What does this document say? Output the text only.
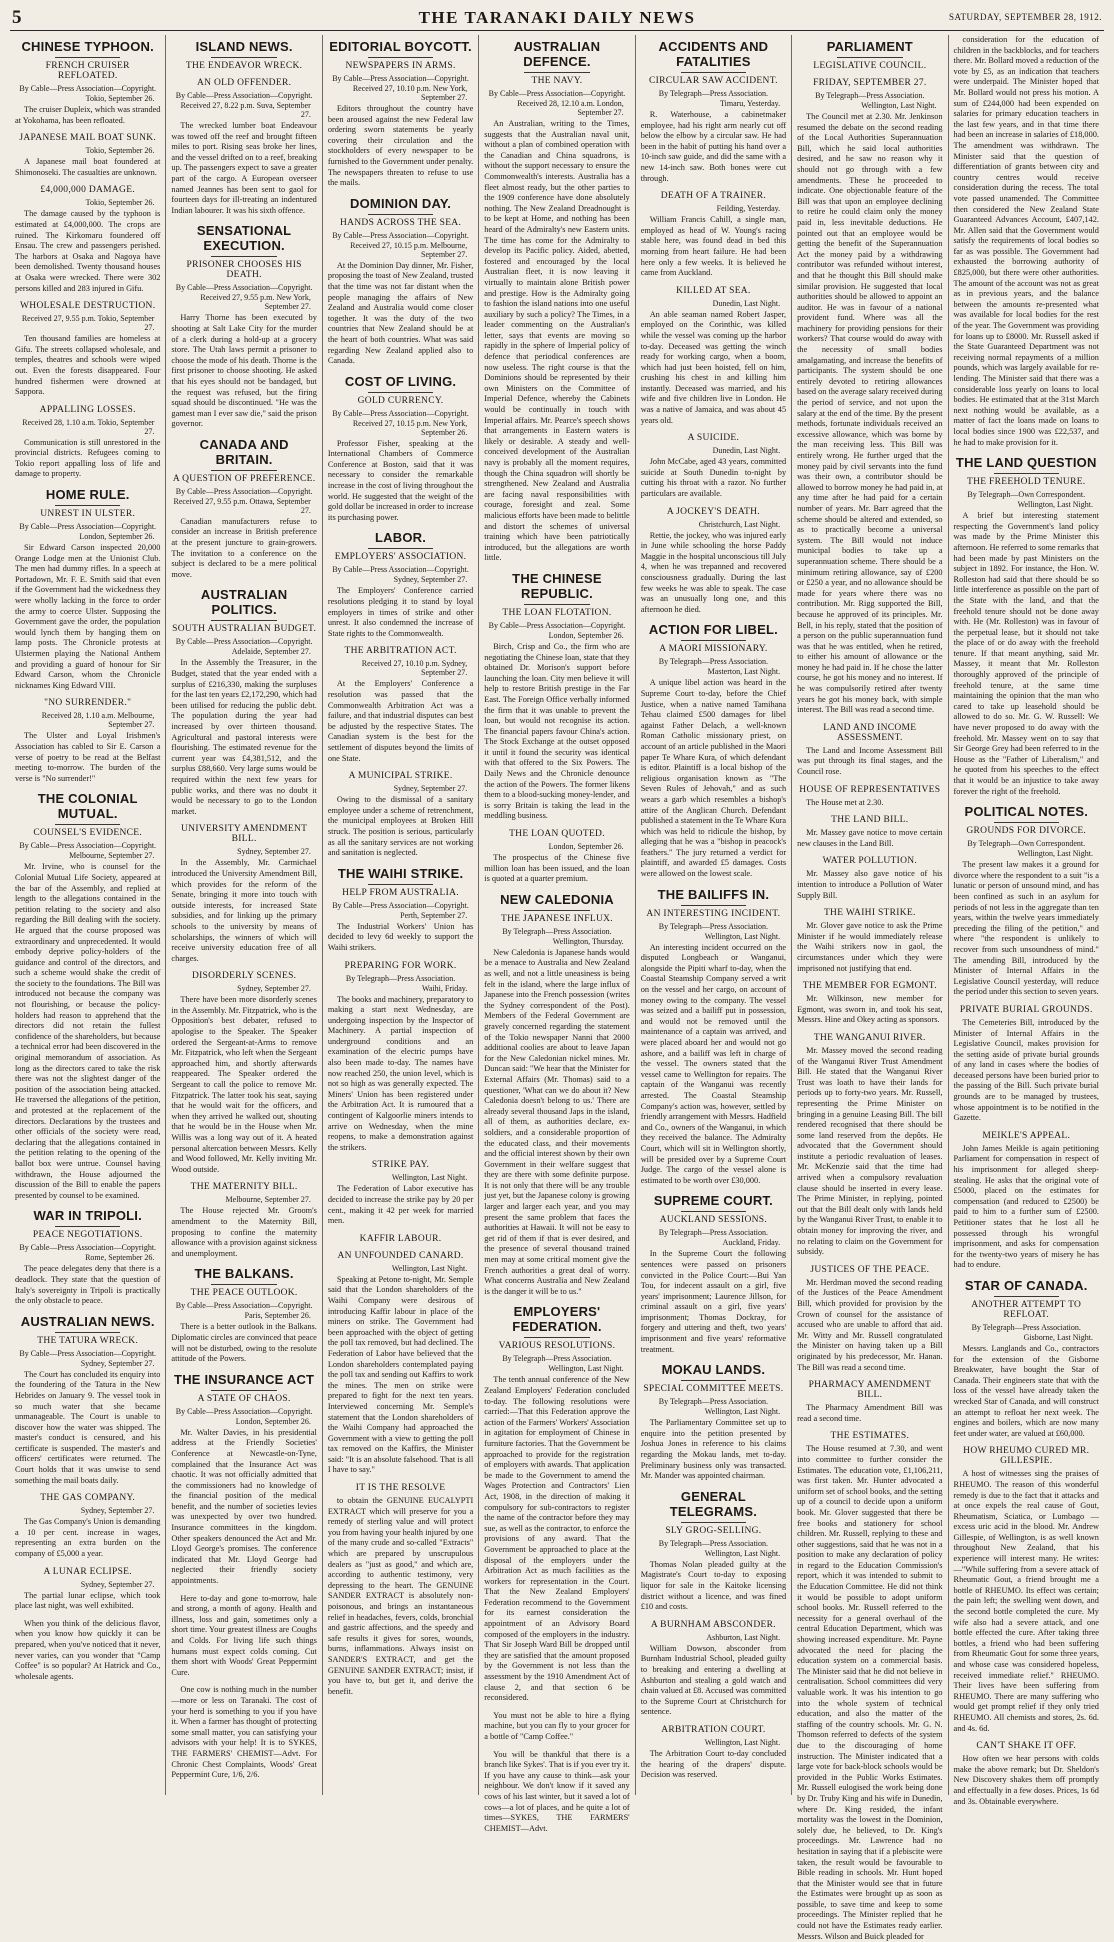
5	THE TARANAKI DAILY NEWS	SATURDAY, SEPTEMBER 28, 1912.
CHINESE TYPHOON.
FRENCH CRUISER REFLOATED.
By Cable—Press Association—Copyright.
Tokio, September 26.

The cruiser Dupleix, which was stranded at Yokohama, has been refloated.

JAPANESE MAIL BOAT SUNK.
Tokio, September 26.

A Japanese mail boat foundered at Shimonoseki. The casualties are unknown.

£4,000,000 DAMAGE.
Tokio, September 26.

The damage caused by the typhoon is estimated at £4,000,000. The crops are ruined. The Kirkomaru foundered off Ensau. The crew and passengers perished. The harbors at Osaka and Nagoya have been demolished. Twenty thousand houses at Osaka were wrecked. There were 302 persons killed and 283 injured in Gifu.

WHOLESALE DESTRUCTION.
Received 27, 9.55 p.m. Tokio, September 27.

Ten thousand families are homeless at Gifu. The streets collapsed wholesale, and temples, theatres and schools were wiped out. Even the forests disappeared. Four hundred fishermen were drowned at Sappora.

APPALLING LOSSES.
Received 28, 1.10 a.m. Tokio, September 27.

Communication is still unrestored in the provincial districts. Refugees coming to Tokio report appalling loss of life and damage to property.

HOME RULE.
UNREST IN ULSTER.
By Cable—Press Association—Copyright.
London, September 26.

Sir Edward Carson inspected 20,000 Orange Lodge men at the Unionist Club. The men had dummy rifles. In a speech at Portadown, Mr. F. E. Smith said that even if the Government had the wickedness they were wholly lacking in the force to order the army to coerce Ulster. Supposing the Government gave the order, the population would lynch them by hanging them on lamp posts. The Chronicle protests at Ulstermen playing the National Anthem and providing a guard of honour for Sir Edward Carson, whom the Chronicle nicknames King Edward VIII.

"NO SURRENDER."
Received 28, 1.10 a.m. Melbourne, September 27.

The Ulster and Loyal Irishmen's Association has cabled to Sir E. Carson a verse of poetry to be read at the Belfast meeting to-morrow. The burden of the verse is "No surrender!"

THE COLONIAL MUTUAL.
COUNSEL'S EVIDENCE.
By Cable—Press Association—Copyright.
Melbourne, September 27.

Mr. Irvine, who is counsel for the Colonial Mutual Life Society, appeared at the bar of the Assembly, and replied at length to the allegations contained in the petition relating to the society and also regarding the Bill dealing with the society. He argued that the course proposed was extraordinary and unprecedented. It would embody deprive policy-holders of the guidance and control of the directors, and such a scheme would shake the credit of the society to the foundations. The Bill was introduced not because the company was not flourishing, or because the policy-holders had reason to apprehend that the directors did not retain the fullest confidence of the shareholders, but because a technical error had been discovered in the original memorandum of association. As long as the directors cared to take the risk there was not the slightest danger of the position of the association being attacked. He traversed the allegations of the petition, and protested at the replacement of the directors. Declarations by the trustees and other officials of the society were read, declaring that the allegations contained in the petition relating to the opening of the ballot box were untrue. Counsel having withdrawn, the House adjourned the discussion of the Bill to enable the papers presented by counsel to be examined.

WAR IN TRIPOLI.
PEACE NEGOTIATIONS.
By Cable—Press Association—Copyright.
Rome, September 26.

The peace delegates deny that there is a deadlock. They state that the question of Italy's sovereignty in Tripoli is practically the only obstacle to peace.

AUSTRALIAN NEWS.
THE TATURA WRECK.
By Cable—Press Association—Copyright.
Sydney, September 27.

The Court has concluded its enquiry into the foundering of the Tatura in the New Hebrides on January 9. The vessel took in so much water that she became unmanageable. The Court is unable to discover how the water was shipped. The master's conduct is censured, and his certificate is suspended. The master's and officers' certificates were returned. The Court holds that it was unwise to send something the mail boats daily.

THE GAS COMPANY.
Sydney, September 27.

The Gas Company's Union is demanding a 10 per cent. increase in wages, representing an extra burden on the company of £5,000 a year.

A LUNAR ECLIPSE.
Sydney, September 27.

The partial lunar eclipse, which took place last night, was well exhibited.

When you think of the delicious flavor, when you know how quickly it can be prepared, when you've noticed that it never, never varies, can you wonder that "Camp Coffee" is so popular? At Hatrick and Co., wholesale agents.

ISLAND NEWS.
THE ENDEAVOR WRECK.
AN OLD OFFENDER.
By Cable—Press Association—Copyright.
Received 27, 8.22 p.m. Suva, September 27.

The wrecked lumber boat Endeavour was towed off the reef and brought fifteen miles to port. Rising seas broke her lines, and the vessel drifted on to a reef, breaking up. The passengers expect to save a greater part of the cargo. A European overseer named Jeannes has been sent to gaol for fourteen days for ill-treating an indentured Indian labourer. It was his sixth offence.

SENSATIONAL EXECUTION.
PRISONER CHOOSES HIS DEATH.
By Cable—Press Association—Copyright.
Received 27, 9.55 p.m. New York, September 27.

Harry Thorne has been executed by shooting at Salt Lake City for the murder of a clerk during a hold-up at a grocery store. The Utah laws permit a prisoner to choose the mode of his death. Thorne is the first prisoner to choose shooting. He asked that his eyes should not be bandaged, but the request was refused, but the firing squad should be discontinued. "He was the gamest man I ever saw die," said the prison governor.

CANADA AND BRITAIN.
A QUESTION OF PREFERENCE.
By Cable—Press Association—Copyright.
Received 27, 9.55 p.m. Ottawa, September 27.

Canadian manufacturers refuse to consider an increase in British preference at the present juncture to grain-growers. The invitation to a conference on the subject is declared to be a mere political move.

AUSTRALIAN POLITICS.
SOUTH AUSTRALIAN BUDGET.
By Cable—Press Association—Copyright.
Adelaide, September 27.

In the Assembly the Treasurer, in the Budget, stated that the year ended with a surplus of £216,330, making the surpluses for the last ten years £2,172,290, which had been utilised for reducing the public debt. The population during the year had increased by over thirteen thousand. Agricultural and pastoral interests were flourishing. The estimated revenue for the current year was £4,381,512, and the surplus £88,660. Very large sums would be required within the next few years for public works, and there was no doubt it would be necessary to go to the London market.

UNIVERSITY AMENDMENT BILL.
Sydney, September 27.

In the Assembly, Mr. Carmichael introduced the University Amendment Bill, which provides for the reform of the Senate, bringing it more into touch with outside interests, for increased State subsidies, and for linking up the primary schools to the university by means of scholarships, the winners of which will receive university education free of all charges.

DISORDERLY SCENES.
Sydney, September 27.

There have been more disorderly scenes in the Assembly. Mr. Fitzpatrick, who is the Opposition's best debater, refused to apologise to the Speaker. The Speaker ordered the Sergeant-at-Arms to remove Mr. Fitzpatrick, who left when the Sergeant approached him, and shortly afterwards reappeared. The Speaker ordered the Sergeant to call the police to remove Mr. Fitzpatrick. The latter took his seat, saying that he would wait for the officers, and when they arrived he walked out, shouting that he would be in the House when Mr. Willis was a long way out of it. A heated personal altercation between Messrs. Kelly and Wood followed, Mr. Kelly inviting Mr. Wood outside.

THE MATERNITY BILL.
Melbourne, September 27.

The House rejected Mr. Groom's amendment to the Maternity Bill, proposing to confine the maternity allowance with a provision against sickness and unemployment.

THE BALKANS.
THE PEACE OUTLOOK.
By Cable—Press Association—Copyright.
Paris, September 26.

There is a better outlook in the Balkans. Diplomatic circles are convinced that peace will not be disturbed, owing to the resolute attitude of the Powers.

THE INSURANCE ACT
A STATE OF CHAOS.
By Cable—Press Association—Copyright.
London, September 26.

Mr. Walter Davies, in his presidential address at the Friendly Societies' Conference at Newcastle-on-Tyne, complained that the Insurance Act was chaotic. It was not officially admitted that the commissioners had no knowledge of the financial position of the medical benefit, and the number of societies levies was unexpected by over two hundred. Insurance committees in the kingdom. Other speakers denounced the Act and Mr. Lloyd George's promises. The conference indicated that Mr. Lloyd George had neglected their friendly society appointments.

Here to-day and gone to-morrow, hale and strong, a month of agony. Health and illness, loss and gain, sometimes only a short time. Your greatest illness are Coughs and Colds. For living life such things humans must expect colds coming. Cut them short with Woods' Great Peppermint Cure.

One cow is nothing much in the number—more or less on Taranaki. The cost of your herd is something to you if you have it. When a farmer has thought of protecting some small matter, you can satisfying your advisors with your help! It is to SYKES, THE FARMERS' CHEMIST—Advt. For Chronic Chest Complaints, Woods' Great Peppermint Cure, 1/6, 2/6.

EDITORIAL BOYCOTT.
NEWSPAPERS IN ARMS.
By Cable—Press Association—Copyright.
Received 27, 10.10 p.m. New York, September 27.

Editors throughout the country have been aroused against the new Federal law ordering sworn statements be yearly covering their circulation and the stockholders of every newspaper to be furnished to the Government under penalty. The newspapers threaten to refuse to use the mails.

DOMINION DAY.
HANDS ACROSS THE SEA.
By Cable—Press Association—Copyright.
Received 27, 10.15 p.m. Melbourne, September 27.

At the Dominion Day dinner, Mr. Fisher, proposing the toast of New Zealand, trusted that the time was not far distant when the people managing the affairs of New Zealand and Australia would come closer together. It was the duty of the two countries that New Zealand should be at the heart of both countries. What was said regarding New Zealand applied also to Canada.

COST OF LIVING.
GOLD CURRENCY.
By Cable—Press Association—Copyright.
Received 27, 10.15 p.m. New York, September 26.

Professor Fisher, speaking at the International Chambers of Commerce Conference at Boston, said that it was necessary to consider the remarkable increase in the cost of living throughout the world. He suggested that the weight of the gold dollar be increased in order to increase its purchasing power.

LABOR.
EMPLOYERS' ASSOCIATION.
By Cable—Press Association—Copyright.
Sydney, September 27.

The Employers' Conference carried resolutions pledging it to stand by loyal employers in times of strike and other unrest. It also condemned the increase of State rights to the Commonwealth.

THE ARBITRATION ACT.
Received 27, 10.10 p.m. Sydney, September 27.

At the Employers' Conference a resolution was passed that the Commonwealth Arbitration Act was a failure, and that industrial disputes can best be adjusted by the respective States. The Canadian system is the best for the settlement of disputes beyond the limits of one State.

A MUNICIPAL STRIKE.
Sydney, September 27.

Owing to the dismissal of a sanitary employee under a scheme of retrenchment, the municipal employees at Broken Hill struck. The position is serious, particularly as all the sanitary services are not working and sanitation is neglected.

THE WAIHI STRIKE.
HELP FROM AUSTRALIA.
By Cable—Press Association—Copyright.
Perth, September 27.

The Industrial Workers' Union has decided to levy 6d weekly to support the Waihi strikers.

PREPARING FOR WORK.
By Telegraph—Press Association.
Waihi, Friday.

The books and machinery, preparatory to making a start next Wednesday, are undergoing inspection by the Inspector of Machinery. A partial inspection of underground conditions and an examination of the electric pumps have also been made to-day. The names have now reached 250, the union level, which is not so high as was generally expected. The Miners' Union has been registered under the Arbitration Act. It is rumoured that a contingent of Kalgoorlie miners intends to arrive on Wednesday, when the mine reopens, to make a demonstration against the strikers.

STRIKE PAY.
Wellington, Last Night.

The Federation of Labor executive has decided to increase the strike pay by 20 per cent., making it 42 per week for married men.

KAFFIR LABOUR.
AN UNFOUNDED CANARD.
Wellington, Last Night.

Speaking at Petone to-night, Mr. Semple said that the London shareholders of the Waihi Company were desirous of introducing Kaffir labour in place of the miners on strike. The Government had been approached with the object of getting the poll tax removed, but had declined. The Federation of Labor have believed that the London shareholders contemplated paying the poll tax and sending out Kaffirs to work the mines. The men on strike were prepared to fight for the next ten years. Interviewed concerning Mr. Semple's statement that the London shareholders of the Waihi Company had approached the Government with a view to getting the poll tax removed on the Kaffirs, the Minister said: "It is an absolute falsehood. That is all I have to say."

IT IS THE RESOLVE

to obtain the GENUINE EUCALYPTI EXTRACT which will preserve for you a remedy of sterling value and will protect you from having your health injured by one of the many crude and so-called "Extracts" which are prepared by unscrupulous dealers as "just as good," and which are, according to authentic testimony, very depressing to the heart. The GENUINE SANDER EXTRACT is absolutely non-poisonous, and brings an instantaneous relief in headaches, fevers, colds, bronchial and gastric affections, and the speedy and safe results it gives for sores, wounds, burns, inflammations. Always insist on SANDER'S EXTRACT, and get the GENUINE SANDER EXTRACT; insist, if you have to, but get it, and derive the benefit.

AUSTRALIAN DEFENCE.
THE NAVY.
By Cable—Press Association—Copyright.
Received 28, 12.10 a.m. London, September 27.

An Australian, writing to the Times, suggests that the Australian naval unit, without a plan of combined operation with the Canadian and China squadrons, is without the support necessary to ensure the Commonwealth's interests. Australia has a fleet almost ready, but the other parties to the 1909 conference have done absolutely nothing. The New Zealand Dreadnought is to be kept at Home, and nothing has been heard of the Admiralty's new Eastern units. The time has come for the Admiralty to develop its Pacific policy. Aided, abetted, fostered and encouraged by the local Australian fleet, it is now leaving it virtually to maintain alone British power and prestige. How is the Admiralty going to fashion the island nations into one useful auxiliary by such a policy? The Times, in a leader commenting on the Australian's letter, says that events are moving so rapidly in the sphere of Imperial policy of defence that periodical conferences are now useless. The right course is that the Dominions should be represented by their own Ministers on the Committee of Imperial Defence, whereby the Cabinets would be continually in touch with Imperial affairs. Mr. Pearce's speech shows that arrangements in Eastern waters is likely or desirable. A steady and well-conceived development of the Australian navy is probably all the moment requires, though the China squadron will shortly be strengthened. New Zealand and Australia are facing naval responsibilities with courage, foresight and zeal. Some malicious efforts have been made to belittle and distort the schemes of universal training which have been patriotically introduced, but the allegations are worth little.

THE CHINESE REPUBLIC.
THE LOAN FLOTATION.
By Cable—Press Association—Copyright.
London, September 26.

Birch, Crisp and Co., the firm who are negotiating the Chinese loan, state that they obtained Dr. Morison's support before launching the loan. City men believe it will help to restore British prestige in the Far East. The Foreign Office verbally informed the firm that it was unable to prevent the loan, but would not recognise its action. The financial papers favour China's action. The Stock Exchange at the outset opposed it until it found the security was identical with that offered to the Six Powers. The Daily News and the Chronicle denounce the action of the Powers. The former likens them to a blood-sucking money-lender, and is sorry Britain is taking the lead in the meddling business.

THE LOAN QUOTED.
London, September 26.

The prospectus of the Chinese five million loan has been issued, and the loan is quoted at a quarter premium.

NEW CALEDONIA
THE JAPANESE INFLUX.
By Telegraph—Press Association.
Wellington, Thursday.

New Caledonia is Japanese hands would be a menace to Australia and New Zealand as well, and not a little uneasiness is being felt in the island, where the large influx of Japanese into the French possession (writes the Sydney correspondent of the Post). Members of the Federal Government are gravely concerned regarding the statement of the Tokio newspaper Nanni that 2000 additional coolies are about to leave Japan for the New Caledonian nickel mines. Mr. Duncan said: "We hear that the Minister for External Affairs (Mr. Thomas) said to a questioner, 'What can we do about it? New Caledonia doesn't belong to us.' There are already several thousand Japs in the island, all of them, as authorities declare, ex-soldiers, and a considerable proportion of the educated class, and their movements and the official interest shown by their own Government in their welfare suggest that they are there with some definite purpose. It is not only that there will be any trouble just yet, but the Japanese colony is growing larger and larger each year, and you may present the same problem that faces the authorities at Hawaii. It will not be easy to get rid of them if that is ever desired, and the presence of several thousand trained men may at some critical moment give the French authorities a great deal of worry. What concerns Australia and New Zealand is the danger it will be to us."

EMPLOYERS' FEDERATION.
VARIOUS RESOLUTIONS.
By Telegraph—Press Association.
Wellington, Last Night.

The tenth annual conference of the New Zealand Employers' Federation concluded to-day. The following resolutions were carried:—That this Federation approve the action of the Farmers' Workers' Association in agitation for employment of Chinese in furniture factories. That the Government be approached to provide for the registration of employers with awards. That application be made to the Government to amend the Wages Protection and Contractors' Lien Act, 1908, in the direction of making it compulsory for sub-contractors to register the name of the contractor before they may sue, as well as the contractor, to enforce the provisions of any award. That the Government be approached to place at the disposal of the employers under the Arbitration Act as much facilities as the workers for representation in the Court. That the New Zealand Employers' Federation recommend to the Government for its earnest consideration the appointment of an Advisory Board composed of the employers in the industry. That Sir Joseph Ward Bill be dropped until they are satisfied that the amount proposed by the Government is not less than the assessment by the 1910 Amendment Act of clause 2, and that section 6 be reconsidered.

You must not be able to hire a flying machine, but you can fly to your grocer for a bottle of "Camp Coffee."

You will be thankful that there is a branch like Sykes'. That is if you ever try it. If you have any cause to think—ask your neighbour. We don't know if it saved any cows of his last winter, but it saved a lot of cows—a lot of places, and he quite a lot of times—SYKES, THE FARMERS' CHEMIST—Advt.

ACCIDENTS AND FATALITIES
CIRCULAR SAW ACCIDENT.
By Telegraph—Press Association.
Timaru, Yesterday.

R. Waterhouse, a cabinetmaker employee, had his right arm nearly cut off below the elbow by a circular saw. He had been in the habit of putting his hand over a 10-inch saw guide, and did the same with a new 14-inch saw. Both bones were cut through.

DEATH OF A TRAINER.
Feilding, Yesterday.

William Francis Cahill, a single man, employed as head of W. Young's racing stable here, was found dead in bed this morning from heart failure. He had been here only a few weeks. It is believed he came from Auckland.

KILLED AT SEA.
Dunedin, Last Night.

An able seaman named Robert Jasper, employed on the Corinthic, was killed while the vessel was coming up the harbor to-day. Deceased was getting the winch ready for working cargo, when a boom, which had just been hoisted, fell on him, crushing his chest in and killing him instantly. Deceased was married, and his wife and five children live in London. He was a native of Jamaica, and was about 45 years old.

A SUICIDE.
Dunedin, Last Night.

John McCabe, aged 43 years, committed suicide at South Dunedin to-night by cutting his throat with a razor. No further particulars are available.

A JOCKEY'S DEATH.
Christchurch, Last Night.

Rettie, the jockey, who was injured early in June while schooling the horse Paddy Maggie in the hospital unconscious till July 4, when he was trepanned and recovered consciousness gradually. During the last few weeks he was able to speak. The case was an unusually long one, and this afternoon he died.

ACTION FOR LIBEL.
A MAORI MISSIONARY.
By Telegraph—Press Association.
Masterton, Last Night.

A unique libel action was heard in the Supreme Court to-day, before the Chief Justice, when a native named Tamihana Tehau claimed £500 damages for libel against Father Delach, a well-known Roman Catholic missionary priest, on account of an article published in the Maori paper Te Whare Kura, of which defendant is editor. Plaintiff is a local bishop of the religious organisation known as "The Seven Rules of Jehovah," and as such wears a garb which resembles a bishop's attire of the Anglican Church. Defendant published a statement in the Te Whare Kura which was held to ridicule the bishop, by alleging that he was a "bishop in peacock's feathers." The jury returned a verdict for plaintiff, and awarded £5 damages. Costs were allowed on the lowest scale.

THE BAILIFFS IN.
AN INTERESTING INCIDENT.
By Telegraph—Press Association.
Wellington, Last Night.

An interesting incident occurred on the disputed Longbeach or Wanganui, alongside the Pipiti wharf to-day, when the Coastal Steamship Company served a writ on the vessel and her cargo, on account of money owing to the company. The vessel was seized and a bailiff put in possession, and would not be removed until the maintenance of a captain was arrived, and were placed aboard her and would not go ashore, and a bailiff was left in charge of the vessel. The owners stated that the vessel came to Wellington for repairs. The captain of the Wanganui was recently arrested. The Coastal Steamship Company's action was, however, settled by friendly arrangement with Messrs. Hadfield and Co., owners of the Wanganui, in which they received the balance. The Admiralty Court, which will sit in Wellington shortly, will be presided over by a Supreme Court Judge. The cargo of the vessel alone is estimated to be worth over £30,000.

SUPREME COURT.
AUCKLAND SESSIONS.
By Telegraph—Press Association.
Auckland, Friday.

In the Supreme Court the following sentences were passed on prisoners convicted in the Police Court:—Bui Yan Tou, for indecent assault on a girl, five years' imprisonment; Laurence Jillson, for criminal assault on a girl, five years' imprisonment; Thomas Dockray, for forgery and uttering and theft, two years' imprisonment and five years' reformative treatment.

MOKAU LANDS.
SPECIAL COMMITTEE MEETS.
By Telegraph—Press Association.
Wellington, Last Night.

The Parliamentary Committee set up to enquire into the petition presented by Joshua Jones in reference to his claims regarding the Mokau lands, met to-day. Preliminary business only was transacted. Mr. Mander was appointed chairman.

GENERAL TELEGRAMS.
SLY GROG-SELLING.
By Telegraph—Press Association.
Wellington, Last Night.

Thomas Nolan pleaded guilty at the Magistrate's Court to-day to exposing liquor for sale in the Kaitoke licensing district without a licence, and was fined £10 and costs.

A BURNHAM ABSCONDER.
Ashburton, Last Night.

William Dowson, absconder from Burnham Industrial School, pleaded guilty to breaking and entering a dwelling at Ashburton and stealing a gold watch and chain valued at £8. Accused was committed to the Supreme Court at Christchurch for sentence.

ARBITRATION COURT.
Wellington, Last Night.

The Arbitration Court to-day concluded the hearing of the drapers' dispute. Decision was reserved.

PARLIAMENT
LEGISLATIVE COUNCIL.
FRIDAY, SEPTEMBER 27.
By Telegraph—Press Association.
Wellington, Last Night.

The Council met at 2.30. Mr. Jenkinson resumed the debate on the second reading of the Local Authorities Superannuation Bill, which he said local authorities desired, and he saw no reason why it should not go through with a few amendments. These he proceeded to indicate. One objectionable feature of the Bill was that upon an employee declining to retire he could claim only the money paid in, less inevitable deductions. He pointed out that an employee would be getting the benefit of the Superannuation Act the money paid by a withdrawing contributor was refunded without interest, and that he thought this Bill should make similar provision. He suggested that local authorities should be allowed to appoint an auditor. He was in favour of a national provident fund. Where was all the machinery for providing pensions for their workers? That course would do away with the necessity of small bodies amalgamating, and increase the benefits of participants. The system should be one entirely devoted to retiring allowances based on the average salary received during the period of service, and not upon the salary at the end of the time. By the present methods, fortunate individuals received an excessive allowance, which was borne by the man receiving less. This Bill was entirely wrong. He further urged that the money paid by civil servants into the fund was their own, a contributor should be allowed to borrow money he had paid in, at any time after he had paid for a certain number of years. Mr. Barr agreed that the scheme should be altered and extended, so as to practically become a universal system. The Bill would not induce municipal bodies to take up a superannuation scheme. There should be a minimum retiring allowance, say of £200 or £250 a year, and no allowance should be made for years where there was no contribution. Mr. Rigg supported the Bill, because he approved of its principles. Mr. Bell, in his reply, stated that the position of a person on the public superannuation fund was that he was entitled, when he retired, to either his amount of allowance or the money he had paid in. If he chose the latter course, he got his money and no interest. If he was compulsorily retired after twenty years he got his money back, with simple interest. The Bill was read a second time.

LAND AND INCOME ASSESSMENT.

The Land and Income Assessment Bill was put through its final stages, and the Council rose.

HOUSE OF REPRESENTATIVES

The House met at 2.30.

THE LAND BILL.

Mr. Massey gave notice to move certain new clauses in the Land Bill.

WATER POLLUTION.

Mr. Massey also gave notice of his intention to introduce a Pollution of Water Supply Bill.

THE WAIHI STRIKE.

Mr. Glover gave notice to ask the Prime Minister if he would immediately release the Waihi strikers now in gaol, the circumstances under which they were imprisoned not justifying that end.

THE MEMBER FOR EGMONT.

Mr. Wilkinson, new member for Egmont, was sworn in, and took his seat, Messrs. Hine and Okey acting as sponsors.

THE WANGANUI RIVER.

Mr. Massey moved the second reading of the Wanganui River Trust Amendment Bill. He stated that the Wanganui River Trust was loath to have their lands for periods up to forty-two years. Mr. Russell, representing the Prime Minister on bringing in a genuine Leasing Bill. The bill rendered recognised that there should be some land reserved from the depôts. He advocated that the Government should institute a periodic revaluation of leases. Mr. McKenzie said that the time had arrived when a compulsory revaluation clause should be inserted in every lease. The Prime Minister, in replying, pointed out that the Bill dealt only with lands held by the Wanganui River Trust, to enable it to obtain money for improving the river, and no relating to claim on the Government for subsidy.

JUSTICES OF THE PEACE.

Mr. Herdman moved the second reading of the Justices of the Peace Amendment Bill, which provided for provision by the Crown of counsel for the assistance of accused who are unable to afford that aid. Mr. Witty and Mr. Russell congratulated the Minister on having taken up a Bill originated by his predecessor, Mr. Hanan. The Bill was read a second time.

PHARMACY AMENDMENT BILL.

The Pharmacy Amendment Bill was read a second time.

THE ESTIMATES.

The House resumed at 7.30, and went into committee to further consider the Estimates. The education vote, £1,106,211, was first taken. Mr. Hunter advocated a uniform set of school books, and the setting up of a council to decide upon a uniform book. Mr. Glover suggested that there be free books and stationery for school children. Mr. Russell, replying to these and other suggestions, said that he was not in a position to make any declaration of policy in regard to the Education Commission's report, which it was intended to submit to the Education Committee. He did not think it would be possible to adopt uniform school books. Mr. Russell referred to the necessity for a general overhaul of the central Education Department, which was showing increased expenditure. Mr. Payne advocated the need for placing the education system on a commercial basis. The Minister said that he did not believe in centralisation. School committees did very valuable work. It was his intention to go into the whole system of technical education, and also the matter of the staffing of the country schools. Mr. G. N. Thomson referred to defects of the system due to the discouraging of home instruction. The Minister indicated that a large vote for back-block schools would be provided in the Public Works Estimates. Mr. Russell eulogised the work being done by Dr. Truby King and his wife in Dunedin, where Dr. King resided, the infant mortality was the lowest in the Dominion, solely due, he believed, to Dr. King's proceedings. Mr. Lawrence had no hesitation in saying that if a plebiscite were taken, the result would be favourable to Bible reading in schools. Mr. Hunt hoped that the Minister would see that in future the Estimates were brought up as soon as possible, to save time and keep to some proceedings. The Minister replied that he could not have the Estimates ready earlier. Messrs. Wilson and Buick pleaded for

consideration for the education of children in the backblocks, and for teachers there. Mr. Bollard moved a reduction of the vote by £5, as an indication that teachers were underpaid. The Minister hoped that Mr. Bollard would not press his motion. A sum of £244,000 had been expended on salaries for primary education teachers in the last few years, and in that time there had been an increase in salaries of £18,000. The amendment was withdrawn. The Minister said that the question of differentiation of grants between city and country centres would receive consideration during the recess. The total vote passed unamended. The Committee then considered the New Zealand State Guaranteed Advances Account, £407,142. Mr. Allen said that the Government would satisfy the requirements of local bodies so far as was possible. The Government had exhausted the borrowing authority of £825,000, but there were other authorities. The amount of the account was not as great as in previous years, and the balance between the amounts re-presented what was available for local bodies for the rest of the year. The Government was providing for loans up to £8000. Mr. Russell asked if the State Guaranteed Department was not receiving normal repayments of a million pounds, which was largely available for re-lending. The Minister said that there was a considerable loss yearly on loans to local bodies. He estimated that at the 31st March next nothing would be available, as a matter of fact the loans made on loans to local bodies since 1900 was £22,537, and he had to make provision for it.

THE LAND QUESTION
THE FREEHOLD TENURE.
By Telegraph—Own Correspondent.
Wellington, Last Night.

A brief but interesting statement respecting the Government's land policy was made by the Prime Minister this afternoon. He referred to some remarks that had been made by past Ministers on the subject in 1892. For instance, the Hon. W. Rolleston had said that there should be so little interference as possible on the part of the State with the land, and that the freehold tenure should not be done away with. He (Mr. Rolleston) was in favour of the perpetual lease, but it should not take the place of or do away with the freehold tenure. If that meant anything, said Mr. Massey, it meant that Mr. Rolleston thoroughly approved of the principle of freehold tenure, at the same time maintaining the opinion that the man who cared to take up leasehold should be allowed to do so. Mr. G. W. Russell: We have never proposed to do away with the freehold. Mr. Massey went on to say that Sir George Grey had been referred to in the House as the "Father of Liberalism," and he quoted from his speeches to the effect that it would be an injustice to take away forever the right of the freehold.

POLITICAL NOTES.
GROUNDS FOR DIVORCE.
By Telegraph—Own Correspondent.
Wellington, Last Night.

The present law makes it a ground for divorce where the respondent to a suit "is a lunatic or person of unsound mind, and has been confined as such in an asylum for periods of not less in the aggregate than ten years, within the twelve years immediately preceding the filing of the petition," and where "the respondent is unlikely to recover from such unsoundness of mind." The amending Bill, introduced by the Minister of Internal Affairs in the Legislative Council yesterday, will reduce the period under this section to seven years.

PRIVATE BURIAL GROUNDS.

The Cemeteries Bill, introduced by the Minister of Internal Affairs in the Legislative Council, makes provision for the setting aside of private burial grounds of any land in cases where the bodies of deceased persons have been buried prior to the passing of the Bill. Such private burial grounds are to be managed by trustees, whose appointment is to be notified in the Gazette.

MEIKLE'S APPEAL.

John James Meikle is again petitioning Parliament for compensation in respect of his imprisonment for alleged sheep-stealing. He asks that the original vote of £5000, placed on the estimates for compensation (and reduced to £2500) be paid to him to a further sum of £2500. Petitioner states that he lost all he possessed through his wrongful imprisonment, and asks for compensation for the twenty-two years of misery he has had to endure.

STAR OF CANADA.
ANOTHER ATTEMPT TO REFLOAT.
By Telegraph—Press Association.
Gisborne, Last Night.

Messrs. Langlands and Co., contractors for the extension of the Gisborne Breakwater, have bought the Star of Canada. Their engineers state that with the loss of the vessel have already taken the wrecked Star of Canada, and will construct an attempt to refloat her next week. The engines and boilers, which are now many feet under water, are valued at £60,000.

HOW RHEUMO CURED MR. GILLESPIE.

A host of witnesses sing the praises of RHEUMO. The reason of this wonderful remedy is due to the fact that it attacks and at once expels the real cause of Gout, Rheumatism, Sciatica, or Lumbago — excess uric acid in the blood. Mr. Andrew Gillespie, of Wellington, is as well known throughout New Zealand, that his experience will interest many. He writes:—"While suffering from a severe attack of Rheumatic Gout, a friend brought me a bottle of RHEUMO. Its effect was certain; the pain left; the swelling went down, and the second bottle completed the cure. My wife also had a severe attack, and one bottle effected the cure. After taking three bottles, a friend who had been suffering from Rheumatic Gout for some three years, and whose case was considered hopeless, received immediate relief." RHEUMO. Their lives have been suffering from RHEUMO. There are many suffering who would get prompt relief if they only tried RHEUMO. All chemists and stores, 2s. 6d. and 4s. 6d.

CAN'T SHAKE IT OFF.

How often we hear persons with colds make the above remark; but Dr. Sheldon's New Discovery shakes them off promptly and effectually in a few doses. Prices, 1s 6d and 3s. Obtainable everywhere.
